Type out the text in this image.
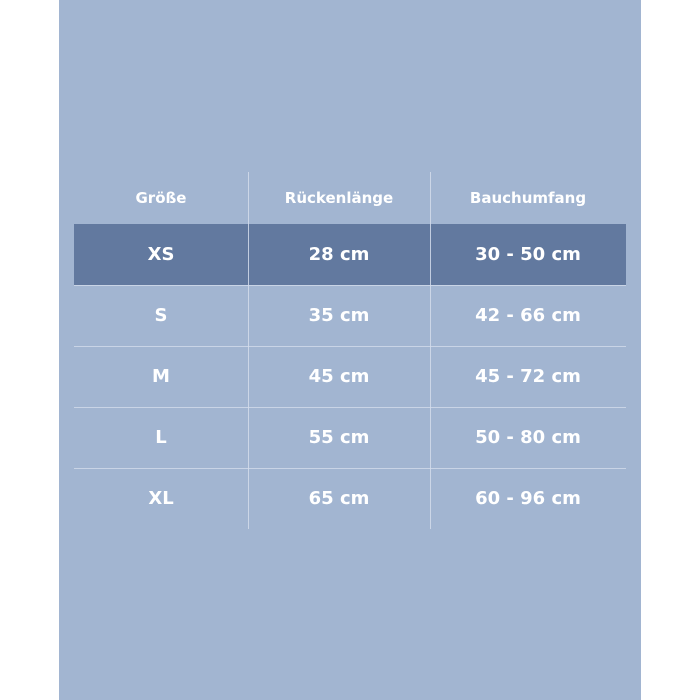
Größe	Rückenlänge	Bauchumfang
XS	28 cm	30 - 50 cm
S	35 cm	42 - 66 cm
M	45 cm	45 - 72 cm
L	55 cm	50 - 80 cm
XL	65 cm	60 - 96 cm
